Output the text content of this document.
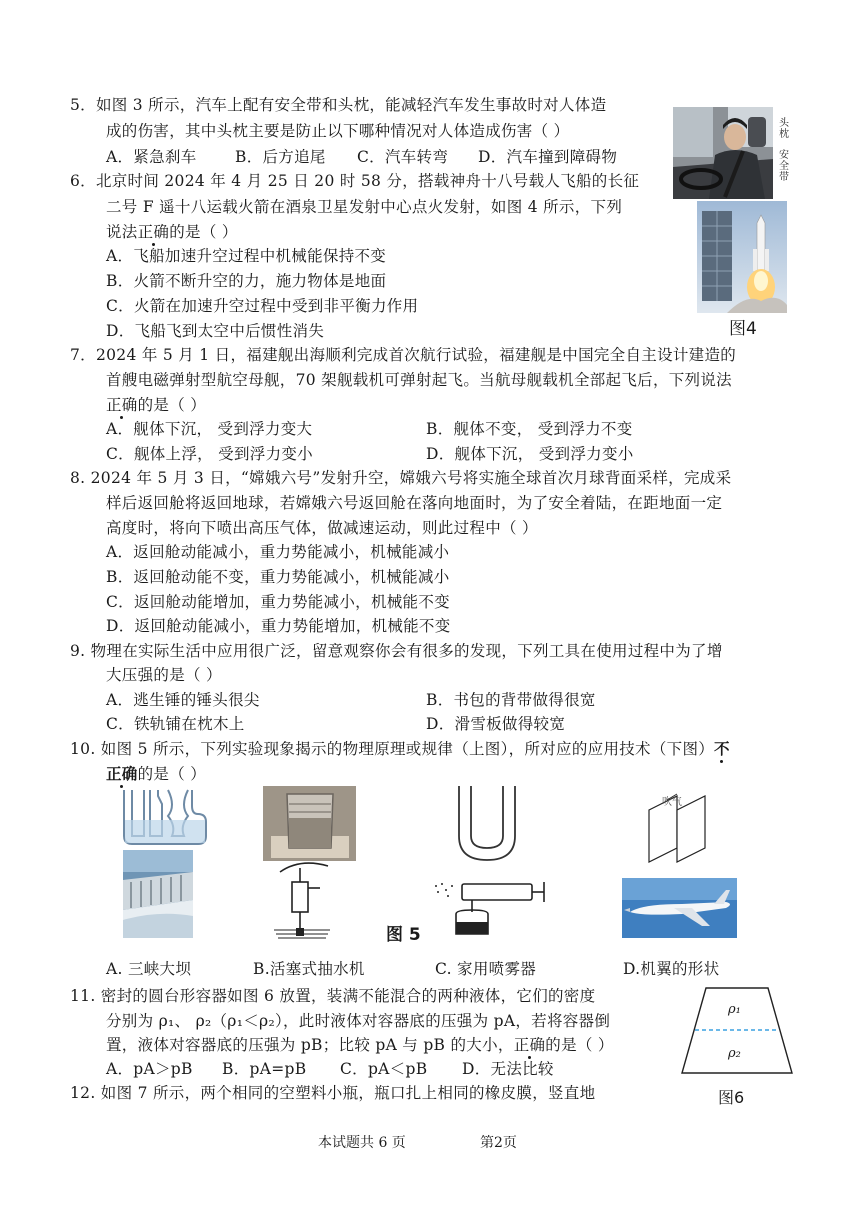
5．如图 3 所示，汽车上配有安全带和头枕，能减轻汽车发生事故时对人体造
成的伤害，其中头枕主要是防止以下哪种情况对人体造成伤害（ ）
A．紧急刹车 B．后方追尾 C．汽车转弯 D．汽车撞到障碍物
头
枕
安
全
带
6．北京时间 2024 年 4 月 25 日 20 时 58 分，搭载神舟十八号载人飞船的长征
二号 F 遥十八运载火箭在酒泉卫星发射中心点火发射，如图 4 所示，下列
说法正确的是（ ）
A．飞船加速升空过程中机械能保持不变
B．火箭不断升空的力，施力物体是地面
C．火箭在加速升空过程中受到非平衡力作用
D．飞船飞到太空中后惯性消失	图4
7．2024 年 5 月 1 日，福建舰出海顺利完成首次航行试验，福建舰是中国完全自主设计建造的
首艘电磁弹射型航空母舰，70 架舰载机可弹射起飞。当航母舰载机全部起飞后，下列说法
正确的是（ ）
A．舰体下沉， 受到浮力变大	B．舰体不变， 受到浮力不变
C．舰体上浮， 受到浮力变小	D．舰体下沉， 受到浮力变小
8. 2024 年 5 月 3 日，“嫦娥六号”发射升空，嫦娥六号将实施全球首次月球背面采样，完成采
样后返回舱将返回地球，若嫦娥六号返回舱在落向地面时，为了安全着陆，在距地面一定
高度时，将向下喷出高压气体，做减速运动，则此过程中（ ）
A．返回舱动能减小，重力势能减小，机械能减小
B．返回舱动能不变，重力势能减小，机械能减小
C．返回舱动能增加，重力势能减小，机械能不变
D．返回舱动能减小，重力势能增加，机械能不变
9. 物理在实际生活中应用很广泛，留意观察你会有很多的发现，下列工具在使用过程中为了增
大压强的是（ ）
A．逃生锤的锤头很尖	B．书包的背带做得很宽
C．铁轨铺在枕木上	D．滑雪板做得较宽
10. 如图 5 所示，下列实验现象揭示的物理原理或规律（上图），所对应的应用技术（下图）不
正确的是（ ）
吹气
图 5
A. 三峡大坝	B.活塞式抽水机	C. 家用喷雾器	D.机翼的形状
11. 密封的圆台形容器如图 6 放置，装满不能混合的两种液体，它们的密度
分别为 ρ₁、 ρ₂（ρ₁＜ρ₂），此时液体对容器底的压强为 pA，若将容器倒
置，液体对容器底的压强为 pB；比较 pA 与 pB 的大小，正确的是（ ）
A．pA＞pB B．pA=pB C．pA＜pB D．无法比较
ρ₁
ρ₂
图6
12. 如图 7 所示，两个相同的空塑料小瓶，瓶口扎上相同的橡皮膜，竖直地
本试题共 6 页	第2页
